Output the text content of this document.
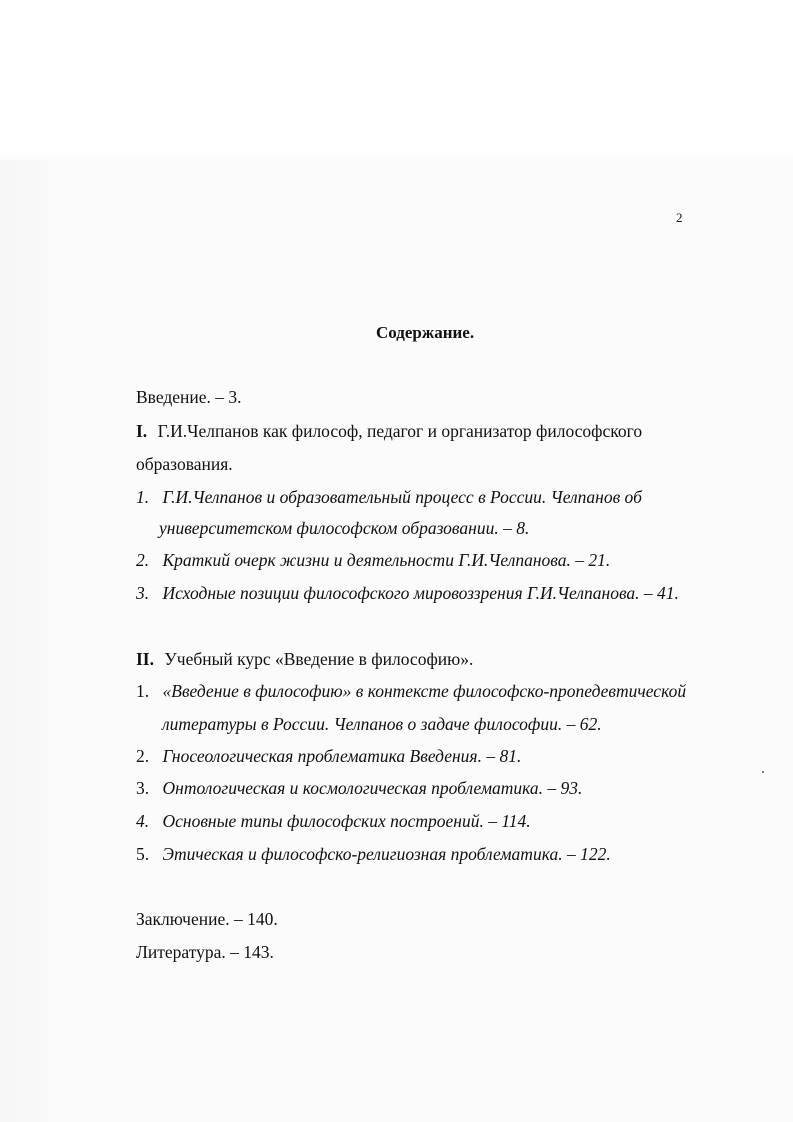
2
Содержание.
Введение. – 3.
I. Г.И.Челпанов как философ, педагог и организатор философского
образования.
1. Г.И.Челпанов и образовательный процесс в России. Челпанов об
университетском философском образовании. – 8.
2. Краткий очерк жизни и деятельности Г.И.Челпанова. – 21.
3. Исходные позиции философского мировоззрения Г.И.Челпанова. – 41.
II. Учебный курс «Введение в философию».
1. «Введение в философию» в контексте философско-пропедевтической
литературы в России. Челпанов о задаче философии. – 62.
2. Гносеологическая проблематика Введения. – 81.
3. Онтологическая и космологическая проблематика. – 93.
4. Основные типы философских построений. – 114.
5. Этическая и философско-религиозная проблематика. – 122.
Заключение. – 140.
Литература. – 143.
